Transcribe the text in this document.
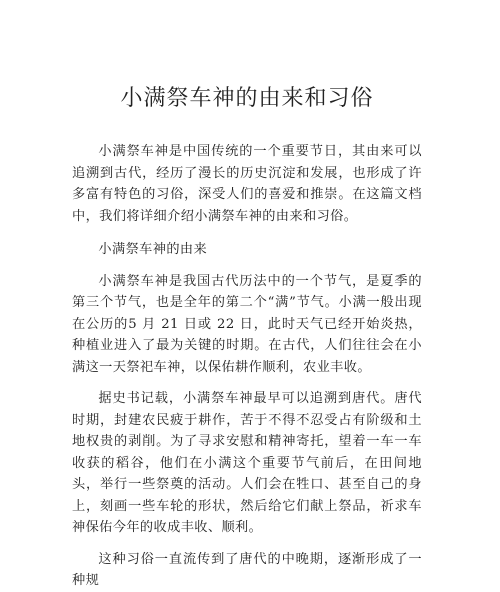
小满祭车神的由来和习俗

小满祭车神是中国传统的一个重要节日，其由来可以追溯到古代，经历了漫长的历史沉淀和发展，也形成了许多富有特色的习俗，深受人们的喜爱和推崇。在这篇文档中，我们将详细介绍小满祭车神的由来和习俗。

小满祭车神的由来

小满祭车神是我国古代历法中的一个节气，是夏季的第三个节气，也是全年的第二个“满”节气。小满一般出现在公历的5 月 21 日或 22 日，此时天气已经开始炎热，种植业进入了最为关键的时期。在古代，人们往往会在小满这一天祭祀车神，以保佑耕作顺利，农业丰收。

据史书记载，小满祭车神最早可以追溯到唐代。唐代时期，封建农民疲于耕作，苦于不得不忍受占有阶级和土地权贵的剥削。为了寻求安慰和精神寄托，望着一车一车收获的稻谷，他们在小满这个重要节气前后，在田间地头，举行一些祭奠的活动。人们会在牲口、甚至自己的身上，刻画一些车轮的形状，然后给它们献上祭品，祈求车神保佑今年的收成丰收、顺利。

这种习俗一直流传到了唐代的中晚期，逐渐形成了一种规
